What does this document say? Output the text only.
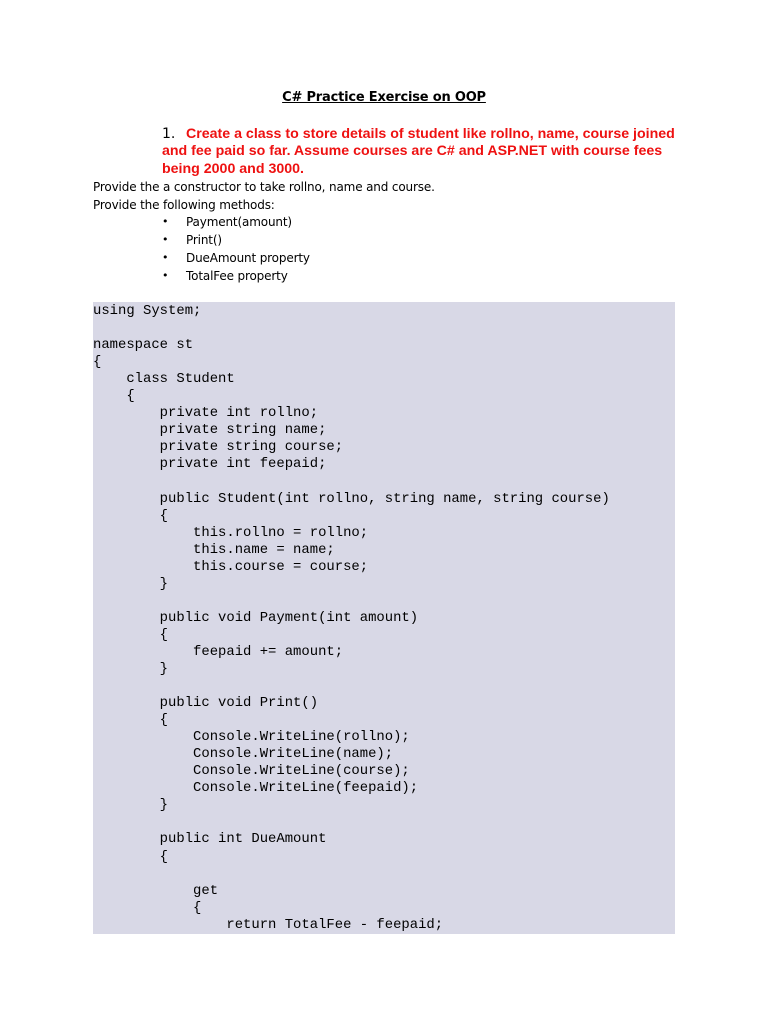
C# Practice Exercise on OOP
1. Create a class to store details of student like rollno, name, course joined and fee paid so far. Assume courses are C# and ASP.NET with course fees being 2000 and 3000.
Provide the a constructor to take rollno, name and course.
Provide the following methods:
• Payment(amount)
• Print()
• DueAmount property
• TotalFee property
using System;

namespace st
{
class Student
{
private int rollno;
private string name;
private string course;
private int feepaid;

public Student(int rollno, string name, string course)
{
this.rollno = rollno;
this.name = name;
this.course = course;
}

public void Payment(int amount)
{
feepaid += amount;
}

public void Print()
{
Console.WriteLine(rollno);
Console.WriteLine(name);
Console.WriteLine(course);
Console.WriteLine(feepaid);
}

public int DueAmount
{

get
{
return TotalFee - feepaid;
